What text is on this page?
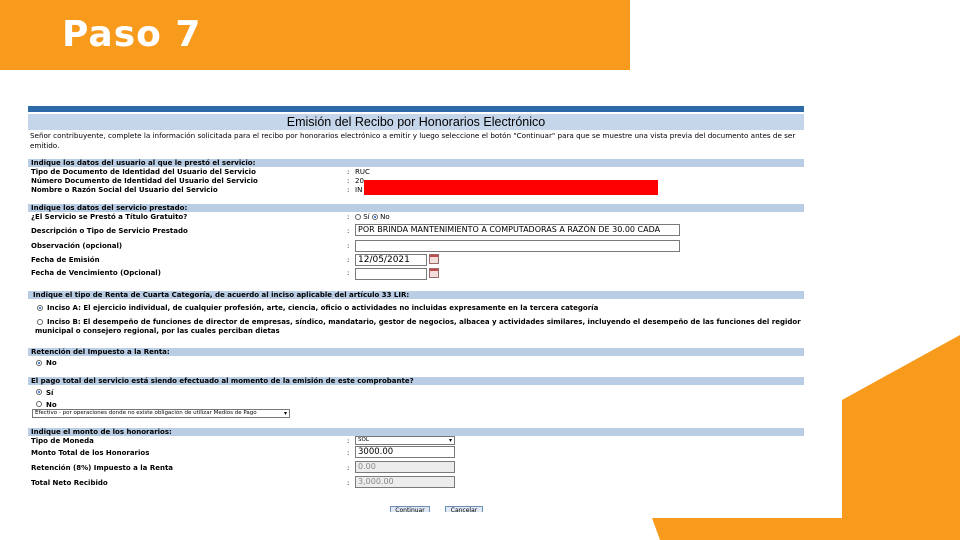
Paso 7
Emisión del Recibo por Honorarios Electrónico
Señor contribuyente, complete la información solicitada para el recibo por honorarios electrónico a emitir y luego seleccione el botón "Continuar" para que se muestre una vista previa del documento antes de ser emitido.
Indique los datos del usuario al que le prestó el servicio:
Tipo de Documento de Identidad del Usuario del Servicio	: RUC
Número Documento de Identidad del Usuario del Servicio	: 20
Nombre o Razón Social del Usuario del Servicio	: IN
Indique los datos del servicio prestado:
¿El Servicio se Prestó a Título Gratuito?	:	Sí No
Descripción o Tipo de Servicio Prestado	:	POR BRINDA MANTENIMIENTO A COMPUTADORAS A RAZÓN DE 30.00 CADA
Observación (opcional)	:
Fecha de Emisión	: 12/05/2021
Fecha de Vencimiento (Opcional)	:
Indique el tipo de Renta de Cuarta Categoría, de acuerdo al inciso aplicable del artículo 33 LIR:
Inciso A: El ejercicio individual, de cualquier profesión, arte, ciencia, oficio o actividades no incluidas expresamente en la tercera categoría
Inciso B: El desempeño de funciones de director de empresas, síndico, mandatario, gestor de negocios, albacea y actividades similares, incluyendo el desempeño de las funciones del regidor municipal o consejero regional, por las cuales perciban dietas
Retención del Impuesto a la Renta:
No
El pago total del servicio está siendo efectuado al momento de la emisión de este comprobante?
Sí
No
Efectivo - por operaciones donde no existe obligación de utilizar Medios de Pago	▾
Indique el monto de los honorarios:
Tipo de Moneda	:	SOL	▾
Monto Total de los Honorarios	:	3000.00
Retención (8%) Impuesto a la Renta	:	0.00
Total Neto Recibido	:	3,000.00
Continuar	Cancelar
